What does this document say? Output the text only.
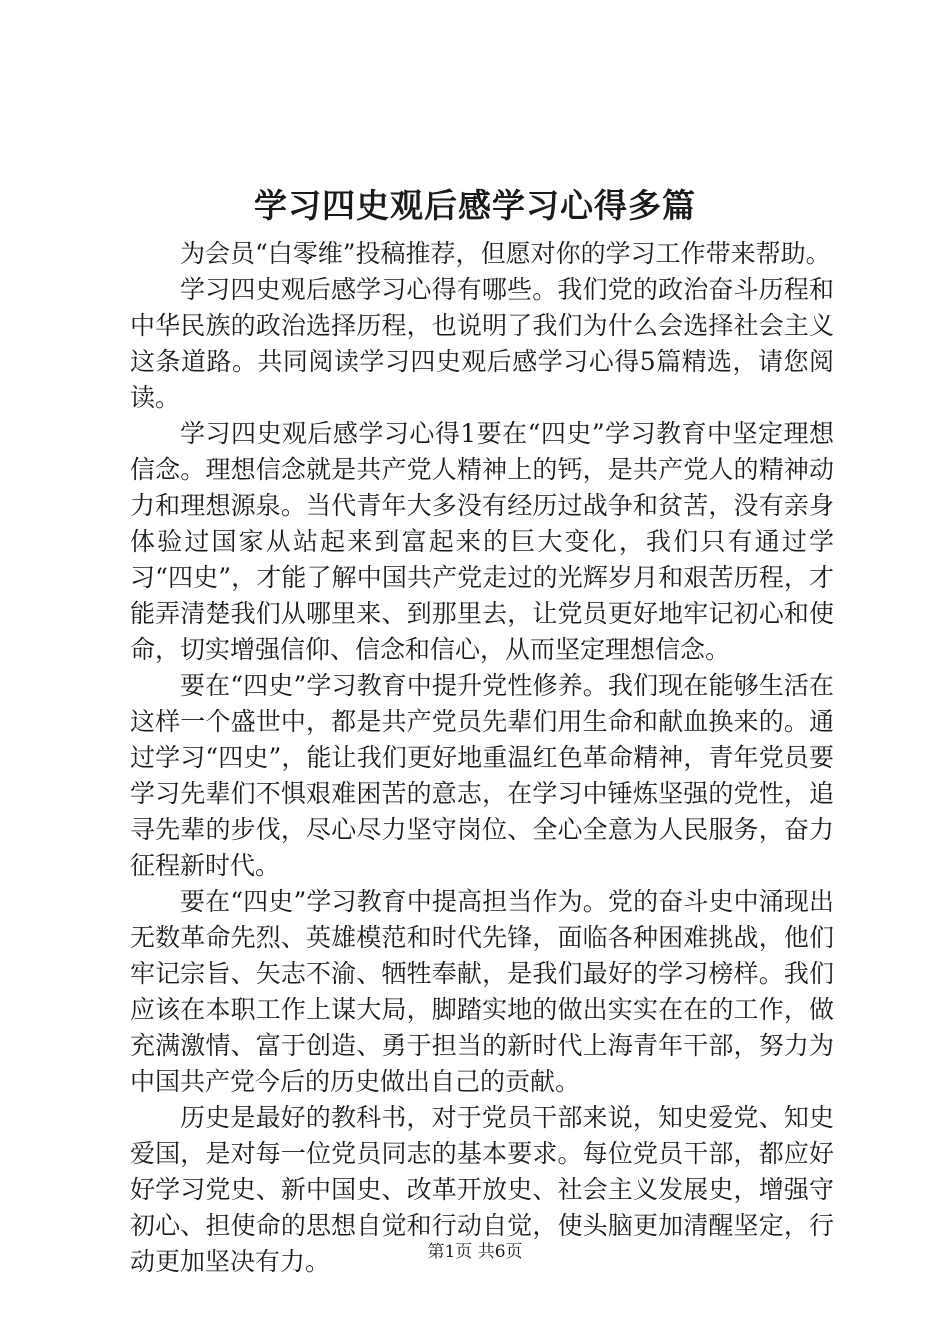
学习四史观后感学习心得多篇

为会员“白零维”投稿推荐，但愿对你的学习工作带来帮助。

学习四史观后感学习心得有哪些。我们党的政治奋斗历程和中华民族的政治选择历程，也说明了我们为什么会选择社会主义这条道路。共同阅读学习四史观后感学习心得5篇精选，请您阅读。

学习四史观后感学习心得1要在“四史”学习教育中坚定理想信念。理想信念就是共产党人精神上的钙，是共产党人的精神动力和理想源泉。当代青年大多没有经历过战争和贫苦，没有亲身体验过国家从站起来到富起来的巨大变化，我们只有通过学习“四史”，才能了解中国共产党走过的光辉岁月和艰苦历程，才能弄清楚我们从哪里来、到那里去，让党员更好地牢记初心和使命，切实增强信仰、信念和信心，从而坚定理想信念。

要在“四史”学习教育中提升党性修养。我们现在能够生活在这样一个盛世中，都是共产党员先辈们用生命和献血换来的。通过学习“四史”，能让我们更好地重温红色革命精神，青年党员要学习先辈们不惧艰难困苦的意志，在学习中锤炼坚强的党性，追寻先辈的步伐，尽心尽力坚守岗位、全心全意为人民服务，奋力征程新时代。

要在“四史”学习教育中提高担当作为。党的奋斗史中涌现出无数革命先烈、英雄模范和时代先锋，面临各种困难挑战，他们牢记宗旨、矢志不渝、牺牲奉献，是我们最好的学习榜样。我们应该在本职工作上谋大局，脚踏实地的做出实实在在的工作，做充满激情、富于创造、勇于担当的新时代上海青年干部，努力为中国共产党今后的历史做出自己的贡献。

历史是最好的教科书，对于党员干部来说，知史爱党、知史爱国，是对每一位党员同志的基本要求。每位党员干部，都应好好学习党史、新中国史、改革开放史、社会主义发展史，增强守初心、担使命的思想自觉和行动自觉，使头脑更加清醒坚定，行动更加坚决有力。	第1页 共6页
